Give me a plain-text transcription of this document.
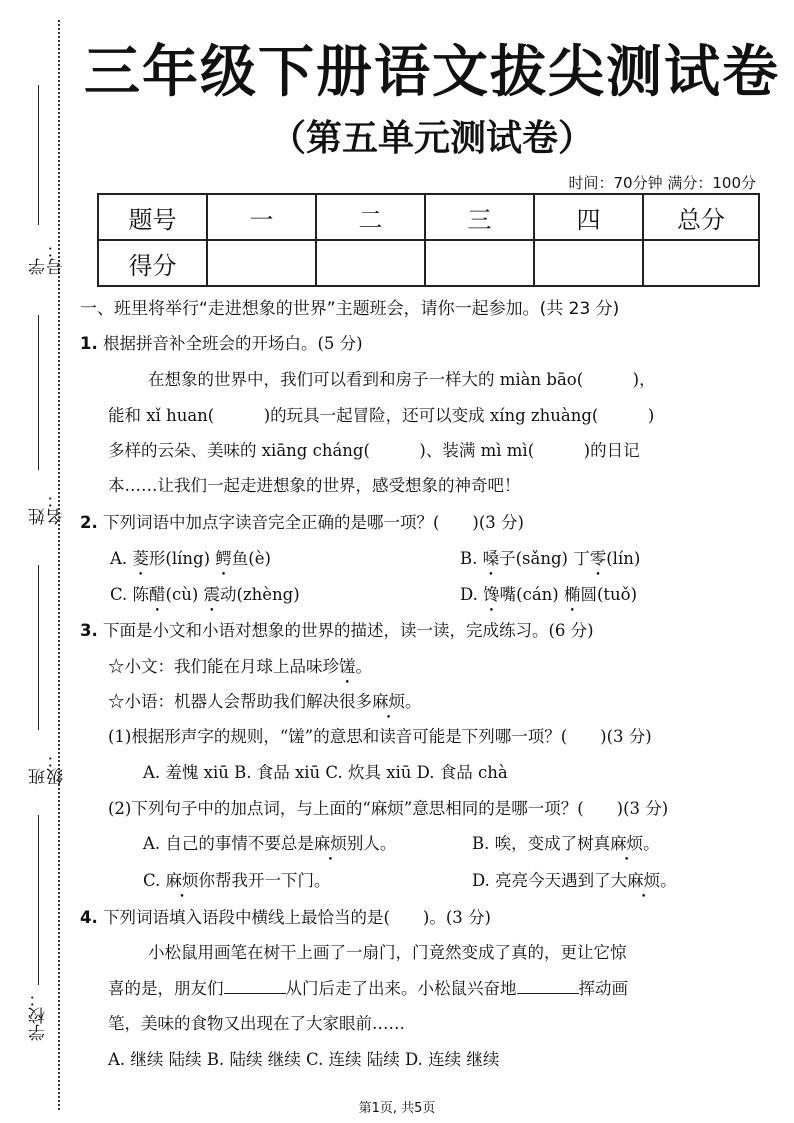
学号：
姓名：
班级：
学校：
三年级下册语文拔尖测试卷
（第五单元测试卷）
时间：70分钟 满分：100分
题号	一	二	三	四	总分
得分					
一、班里将举行“走进想象的世界”主题班会，请你一起参加。(共 23 分)
1. 根据拼音补全班会的开场白。(5 分)
在想象的世界中，我们可以看到和房子一样大的 miàn bāo(　　　)，
能和 xǐ huan(　　　)的玩具一起冒险，还可以变成 xíng zhuàng(　　　)
多样的云朵、美味的 xiāng cháng(　　　)、装满 mì mì(　　　)的日记
本……让我们一起走进想象的世界，感受想象的神奇吧！
2. 下列词语中加点字读音完全正确的是哪一项？(　　)(3 分)
A. 菱形(líng) 鳄鱼(è)	B. 嗓子(sǎng) 丁零(lín)
C. 陈醋(cù) 震动(zhèng)	D. 馋嘴(cán) 椭圆(tuǒ)
3. 下面是小文和小语对想象的世界的描述，读一读，完成练习。(6 分)
☆小文：我们能在月球上品味珍馐。
☆小语：机器人会帮助我们解决很多麻烦。
(1)根据形声字的规则，“馐”的意思和读音可能是下列哪一项？(　　)(3 分)
A. 羞愧 xiū B. 食品 xiū C. 炊具 xiū D. 食品 chà
(2)下列句子中的加点词，与上面的“麻烦”意思相同的是哪一项？(　　)(3 分)
A. 自己的事情不要总是麻烦别人。	B. 唉，变成了树真麻烦。
C. 麻烦你帮我开一下门。	D. 亮亮今天遇到了大麻烦。
4. 下列词语填入语段中横线上最恰当的是(　　)。(3 分)
小松鼠用画笔在树干上画了一扇门，门竟然变成了真的，更让它惊
喜的是，朋友们	从门后走了出来。小松鼠兴奋地	挥动画
笔，美味的食物又出现在了大家眼前……
A. 继续 陆续 B. 陆续 继续 C. 连续 陆续 D. 连续 继续
第1页, 共5页
